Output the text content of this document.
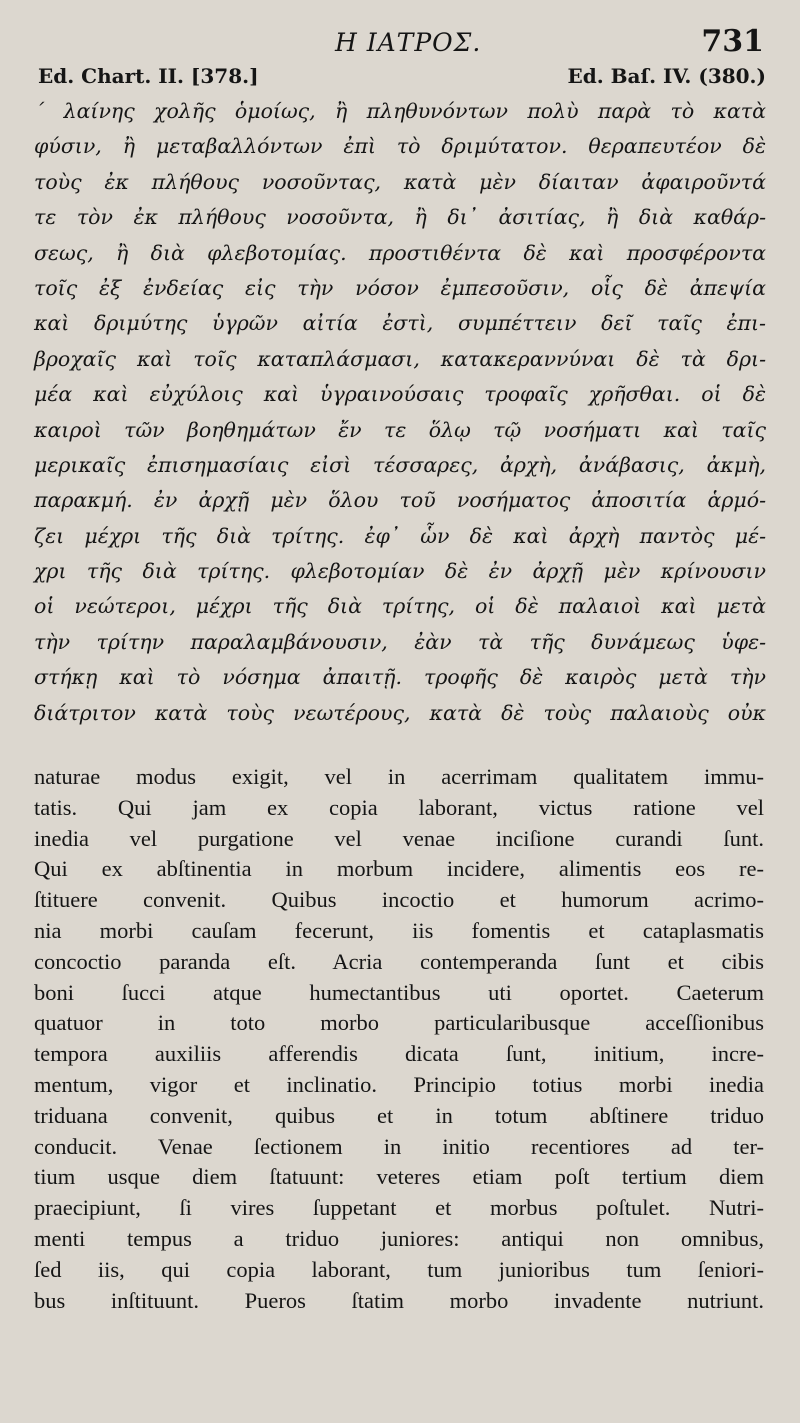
Η ΙΑΤΡΟΣ.	731
Ed. Chart. II. [378.]	Ed. Baſ. IV. (380.)
΄ λαίνης χολῆς ὁμοίως, ἢ πληθυνόντων πολὺ παρὰ τὸ κατὰ
φύσιν, ἢ μεταβαλλόντων ἐπὶ τὸ δριμύτατον. θεραπευτέον δὲ
τοὺς ἐκ πλήθους νοσοῦντας, κατὰ μὲν δίαιταν ἀφαιροῦντά
τε τὸν ἐκ πλήθους νοσοῦντα, ἢ δι᾽ ἀσιτίας, ἢ διὰ καθάρ-
σεως, ἢ διὰ φλεβοτομίας. προστιθέντα δὲ καὶ προσφέροντα
τοῖς ἐξ ἐνδείας εἰς τὴν νόσον ἐμπεσοῦσιν, οἷς δὲ ἀπεψία
καὶ δριμύτης ὑγρῶν αἰτία ἐστὶ, συμπέττειν δεῖ ταῖς ἐπι-
βροχαῖς καὶ τοῖς καταπλάσμασι, κατακεραννύναι δὲ τὰ δρι-
μέα καὶ εὐχύλοις καὶ ὑγραινούσαις τροφαῖς χρῆσθαι. οἱ δὲ
καιροὶ τῶν βοηθημάτων ἔν τε ὅλῳ τῷ νοσήματι καὶ ταῖς
μερικαῖς ἐπισημασίαις εἰσὶ τέσσαρες, ἀρχὴ, ἀνάβασις, ἀκμὴ,
παρακμή. ἐν ἀρχῇ μὲν ὅλου τοῦ νοσήματος ἀποσιτία ἁρμό-
ζει μέχρι τῆς διὰ τρίτης. ἐφ᾽ ὧν δὲ καὶ ἀρχὴ παντὸς μέ-
χρι τῆς διὰ τρίτης. φλεβοτομίαν δὲ ἐν ἀρχῇ μὲν κρίνουσιν
οἱ νεώτεροι, μέχρι τῆς διὰ τρίτης, οἱ δὲ παλαιοὶ καὶ μετὰ
τὴν τρίτην παραλαμβάνουσιν, ἐὰν τὰ τῆς δυνάμεως ὑφε-
στήκῃ καὶ τὸ νόσημα ἀπαιτῇ. τροφῆς δὲ καιρὸς μετὰ τὴν
διάτριτον κατὰ τοὺς νεωτέρους, κατὰ δὲ τοὺς παλαιοὺς οὐκ
naturae modus exigit, vel in acerrimam qualitatem immu-
tatis. Qui jam ex copia laborant, victus ratione vel
inedia vel purgatione vel venae inciſione curandi ſunt.
Qui ex abſtinentia in morbum incidere, alimentis eos re-
ſtituere convenit. Quibus incoctio et humorum acrimo-
nia morbi cauſam fecerunt, iis fomentis et cataplasmatis
concoctio paranda eſt. Acria contemperanda ſunt et cibis
boni ſucci atque humectantibus uti oportet. Caeterum
quatuor in toto morbo particularibusque acceſſionibus
tempora auxiliis afferendis dicata ſunt, initium, incre-
mentum, vigor et inclinatio. Principio totius morbi inedia
triduana convenit, quibus et in totum abſtinere triduo
conducit. Venae ſectionem in initio recentiores ad ter-
tium usque diem ſtatuunt: veteres etiam poſt tertium diem
praecipiunt, ſi vires ſuppetant et morbus poſtulet. Nutri-
menti tempus a triduo juniores: antiqui non omnibus,
ſed iis, qui copia laborant, tum junioribus tum ſeniori-
bus inſtituunt. Pueros ſtatim morbo invadente nutriunt.
